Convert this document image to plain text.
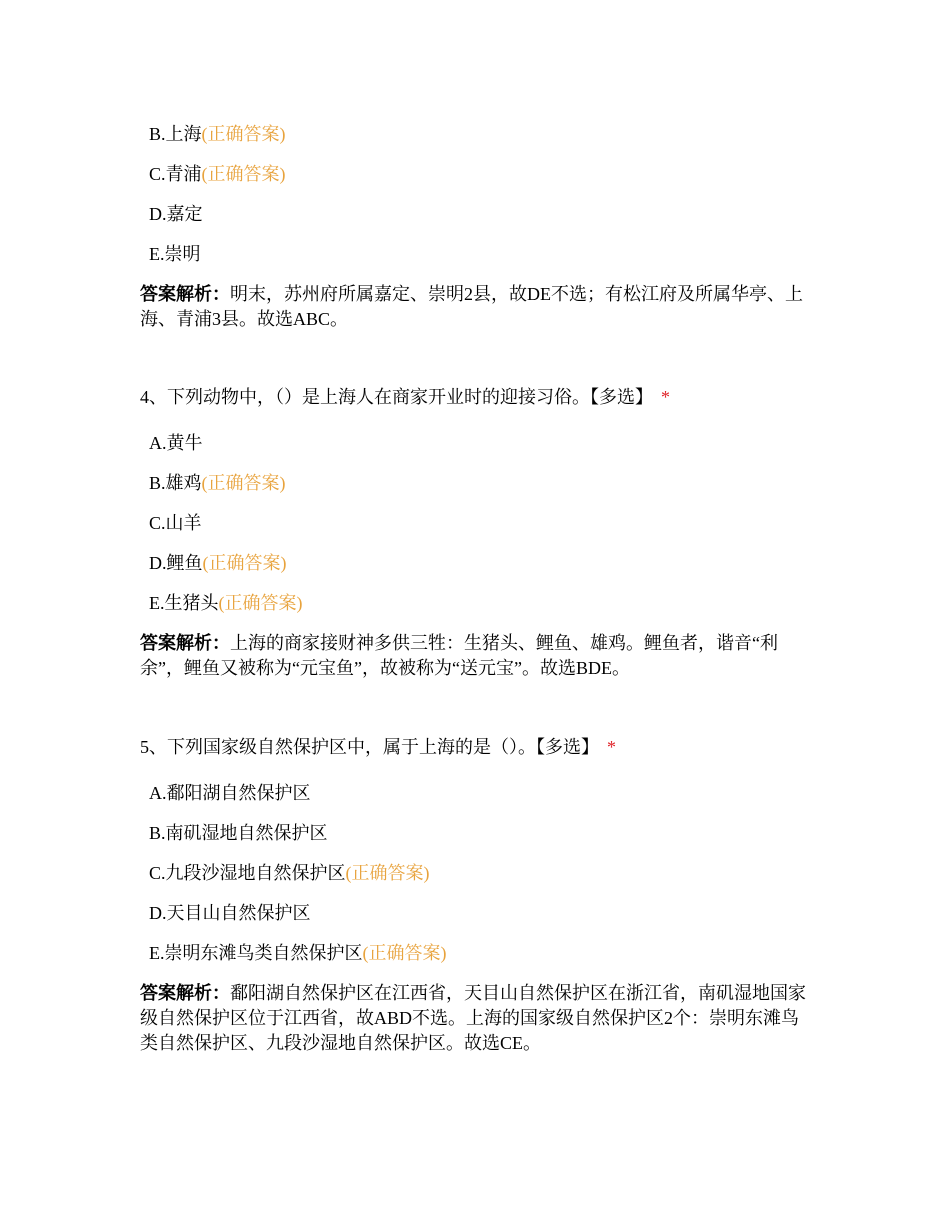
B.上海(正确答案)
C.青浦(正确答案)
D.嘉定
E.崇明
答案解析：明末，苏州府所属嘉定、崇明2县，故DE不选；有松江府及所属华亭、上海、青浦3县。故选ABC。
4、下列动物中，（）是上海人在商家开业时的迎接习俗。【多选】 *
A.黄牛
B.雄鸡(正确答案)
C.山羊
D.鲤鱼(正确答案)
E.生猪头(正确答案)
答案解析：上海的商家接财神多供三牲：生猪头、鲤鱼、雄鸡。鲤鱼者，谐音“利余”，鲤鱼又被称为“元宝鱼”，故被称为“送元宝”。故选BDE。
5、下列国家级自然保护区中，属于上海的是（）。【多选】 *
A.鄱阳湖自然保护区
B.南矶湿地自然保护区
C.九段沙湿地自然保护区(正确答案)
D.天目山自然保护区
E.崇明东滩鸟类自然保护区(正确答案)
答案解析：鄱阳湖自然保护区在江西省，天目山自然保护区在浙江省，南矶湿地国家级自然保护区位于江西省，故ABD不选。上海的国家级自然保护区2个：崇明东滩鸟类自然保护区、九段沙湿地自然保护区。故选CE。
